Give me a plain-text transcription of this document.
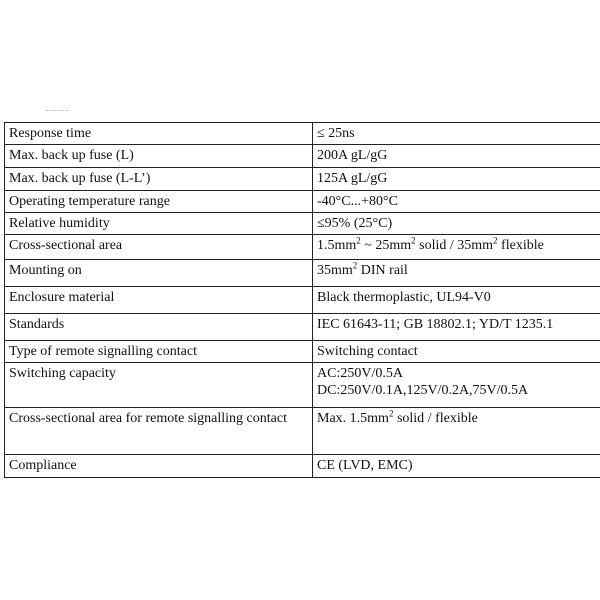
Response time	≤ 25ns
Max. back up fuse (L)	200A gL/gG
Max. back up fuse (L-L’)	125A gL/gG
Operating temperature range	-40°C...+80°C
Relative humidity	≤95% (25°C)
Cross-sectional area	$1.5mm^2$ ~ $25mm^2$ solid / $35mm^2$ flexible
Mounting on	$35mm^2$ DIN rail
Enclosure material	Black thermoplastic, UL94-V0
Standards	IEC 61643-11; GB 18802.1; YD/T 1235.1
Type of remote signalling contact	Switching contact
Switching capacity	AC:250V/0.5A
DC:250V/0.1A,125V/0.2A,75V/0.5A

Cross-sectional area for remote signalling contact	Max. $1.5mm^2$ solid / flexible
Compliance	CE (LVD, EMC)
